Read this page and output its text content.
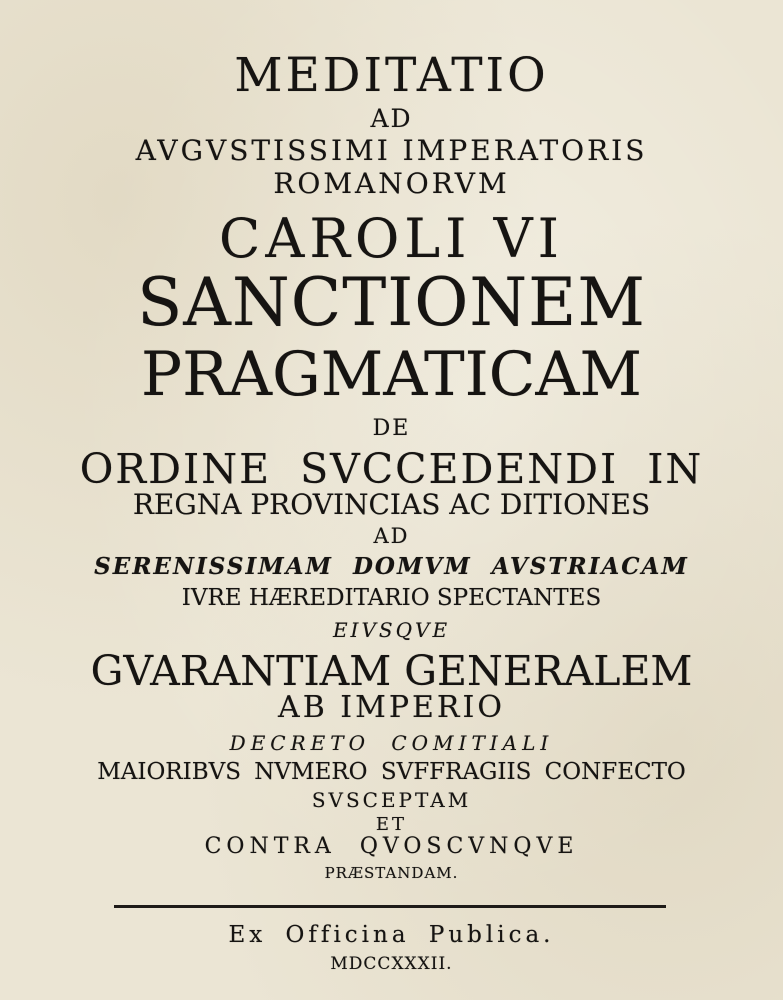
MEDITATIO
AD
AVGVSTISSIMI IMPERATORIS
ROMANORVM
CAROLI VI
SANCTIONEM
PRAGMATICAM
DE
ORDINE SVCCEDENDI IN
REGNA PROVINCIAS AC DITIONES
AD
SERENISSIMAM DOMVM AVSTRIACAM
IVRE HÆREDITARIO SPECTANTES
EIVSQVE
GVARANTIAM GENERALEM
AB IMPERIO
DECRETO COMITIALI
MAIORIBVS NVMERO SVFFRAGIIS CONFECTO
SVSCEPTAM
ET
CONTRA QVOSCVNQVE
PRÆSTANDAM.
Ex Officina Publica.
MDCCXXXII.
